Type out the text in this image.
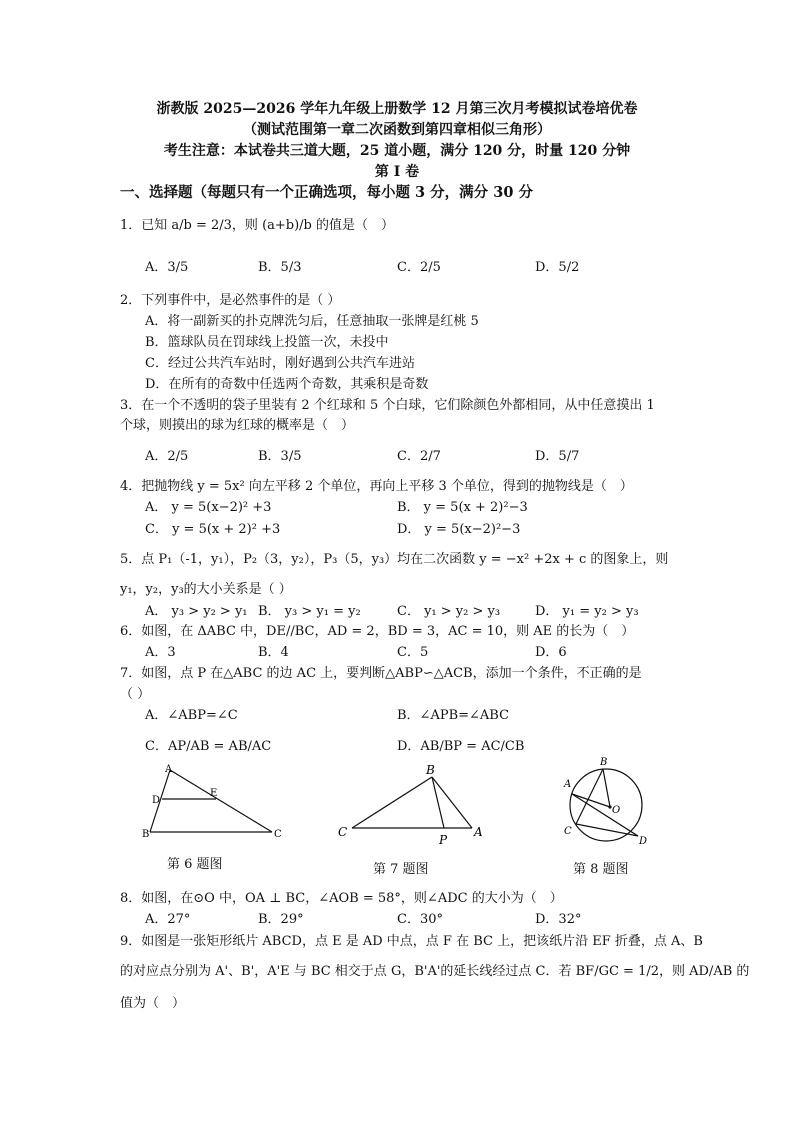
浙教版 2025—2026 学年九年级上册数学 12 月第三次月考模拟试卷培优卷
（测试范围第一章二次函数到第四章相似三角形）
考生注意：本试卷共三道大题，25 道小题，满分 120 分，时量 120 分钟
第 I 卷
一、选择题（每题只有一个正确选项，每小题 3 分，满分 30 分
1．已知 a/b = 2/3，则 (a+b)/b 的值是（　）
A．3/5	B．5/3	C．2/5	D．5/2
2．下列事件中，是必然事件的是（ ）
A．将一副新买的扑克牌洗匀后，任意抽取一张牌是红桃 5
B．篮球队员在罚球线上投篮一次，未投中
C．经过公共汽车站时，刚好遇到公共汽车进站
D．在所有的奇数中任选两个奇数，其乘积是奇数
3．在一个不透明的袋子里装有 2 个红球和 5 个白球，它们除颜色外都相同，从中任意摸出 1
个球，则摸出的球为红球的概率是（　）
A．2/5	B．3/5	C．2/7	D．5/7
4．把抛物线 y = 5x² 向左平移 2 个单位，再向上平移 3 个单位，得到的抛物线是（　）
A． y = 5(x−2)² +3	B． y = 5(x + 2)²−3
C． y = 5(x + 2)² +3	D． y = 5(x−2)²−3
5．点 P₁（-1，y₁），P₂（3，y₂），P₃（5，y₃）均在二次函数 y = −x² +2x + c 的图象上，则
y₁，y₂，y₃的大小关系是（ ）
A． y₃ > y₂ > y₁ B． y₃ > y₁ = y₂	C． y₁ > y₂ > y₃	D． y₁ = y₂ > y₃
6．如图，在 ΔABC 中，DE//BC，AD = 2，BD = 3，AC = 10，则 AE 的长为（　）
A．3	B．4	C．5	D．6
7．如图，点 P 在△ABC 的边 AC 上，要判断△ABP∽△ACB，添加一个条件，不正确的是
（ ）
A．∠ABP=∠C	B．∠APB=∠ABC
C．AP/AB = AB/AC	D．AB/BP = AC/CB
A
D
E
B	C
第 6 题图
B
C
P
A
第 7 题图
B
A
O
C
D
第 8 题图
8．如图，在⊙O 中，OA ⊥ BC，∠AOB = 58°，则∠ADC 的大小为（　）
A．27°	B．29°	C．30°	D．32°
9．如图是一张矩形纸片 ABCD，点 E 是 AD 中点，点 F 在 BC 上，把该纸片沿 EF 折叠，点 A、B
的对应点分别为 A'、B'，A'E 与 BC 相交于点 G，B'A'的延长线经过点 C．若 BF/GC = 1/2，则 AD/AB 的
值为（　）
